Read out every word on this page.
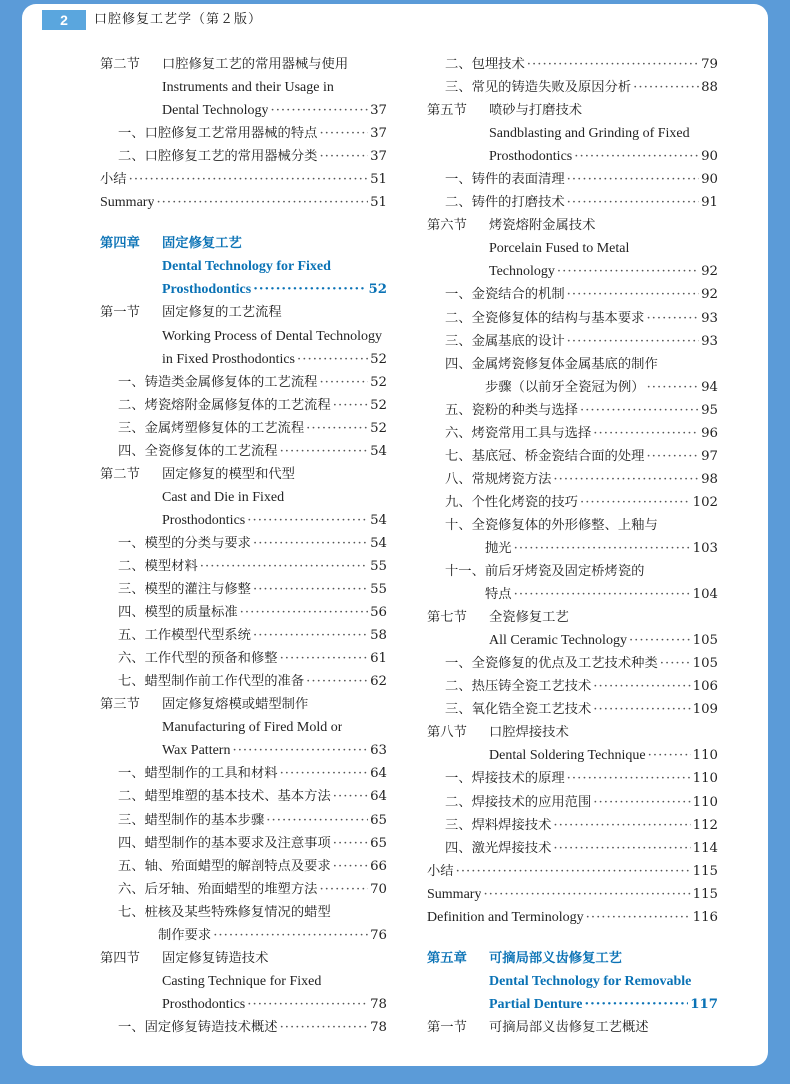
2	口腔修复工艺学（第２版）
第二节	口腔修复工艺的常用器械与使用
Instruments and their Usage in
Dental Technology ·····	37
一、 口腔修复工艺常用器械的特点 ·····	37
二、 口腔修复工艺的常用器械分类 ·····	37
小结 ·····	51
Summary ·····	51
第四章	固定修复工艺
Dental Technology for Fixed
Prosthodontics ·····	52
第一节	固定修复的工艺流程
Working Process of Dental Technology
in Fixed Prosthodontics ·····	52
一、 铸造类金属修复体的工艺流程 ·····	52
二、 烤瓷熔附金属修复体的工艺流程 ·····	52
三、 金属烤塑修复体的工艺流程 ·····	52
四、 全瓷修复体的工艺流程 ·····	54
第二节	固定修复的模型和代型
Cast and Die in Fixed
Prosthodontics ·····	54
一、 模型的分类与要求 ·····	54
二、 模型材料 ·····	55
三、 模型的灌注与修整 ·····	55
四、 模型的质量标准 ·····	56
五、 工作模型代型系统 ·····	58
六、 工作代型的预备和修整 ·····	61
七、 蜡型制作前工作代型的准备 ·····	62
第三节	固定修复熔模或蜡型制作
Manufacturing of Fired Mold or
Wax Pattern ·····	63
一、 蜡型制作的工具和材料 ·····	64
二、 蜡型堆塑的基本技术、基本方法 ·····	64
三、 蜡型制作的基本步骤 ·····	65
四、 蜡型制作的基本要求及注意事项 ·····	65
五、 轴、殆面蜡型的解剖特点及要求 ·····	66
六、 后牙轴、殆面蜡型的堆塑方法 ·····	70
七、 桩核及某些特殊修复情况的蜡型
制作要求 ·····	76
第四节	固定修复铸造技术
Casting Technique for Fixed
Prosthodontics ·····	78
一、 固定修复铸造技术概述 ·····	78
二、 包埋技术 ·····	79
三、 常见的铸造失败及原因分析 ·····	88
第五节	喷砂与打磨技术
Sandblasting and Grinding of Fixed
Prosthodontics ·····	90
一、 铸件的表面清理 ·····	90
二、 铸件的打磨技术 ·····	91
第六节	烤瓷熔附金属技术
Porcelain Fused to Metal
Technology ·····	92
一、 金瓷结合的机制 ·····	92
二、 全瓷修复体的结构与基本要求 ·····	93
三、 金属基底的设计 ·····	93
四、 金属烤瓷修复体金属基底的制作
步骤（以前牙全瓷冠为例） ·····	94
五、 瓷粉的种类与选择 ·····	95
六、 烤瓷常用工具与选择 ·····	96
七、 基底冠、桥金瓷结合面的处理 ·····	97
八、 常规烤瓷方法 ·····	98
九、 个性化烤瓷的技巧 ·····	102
十、 全瓷修复体的外形修整、上釉与
抛光 ·····	103
十一、 前后牙烤瓷及固定桥烤瓷的
特点 ·····	104
第七节	全瓷修复工艺
All Ceramic Technology ·····	105
一、 全瓷修复的优点及工艺技术种类 ·····	105
二、 热压铸全瓷工艺技术 ·····	106
三、 氧化锆全瓷工艺技术 ·····	109
第八节	口腔焊接技术
Dental Soldering Technique ·····	110
一、 焊接技术的原理 ·····	110
二、 焊接技术的应用范围 ·····	110
三、 焊料焊接技术 ·····	112
四、 激光焊接技术 ·····	114
小结 ·····	115
Summary ·····	115
Definition and Terminology ·····	116
第五章	可摘局部义齿修复工艺
Dental Technology for Removable
Partial Denture ·····	117
第一节	可摘局部义齿修复工艺概述
